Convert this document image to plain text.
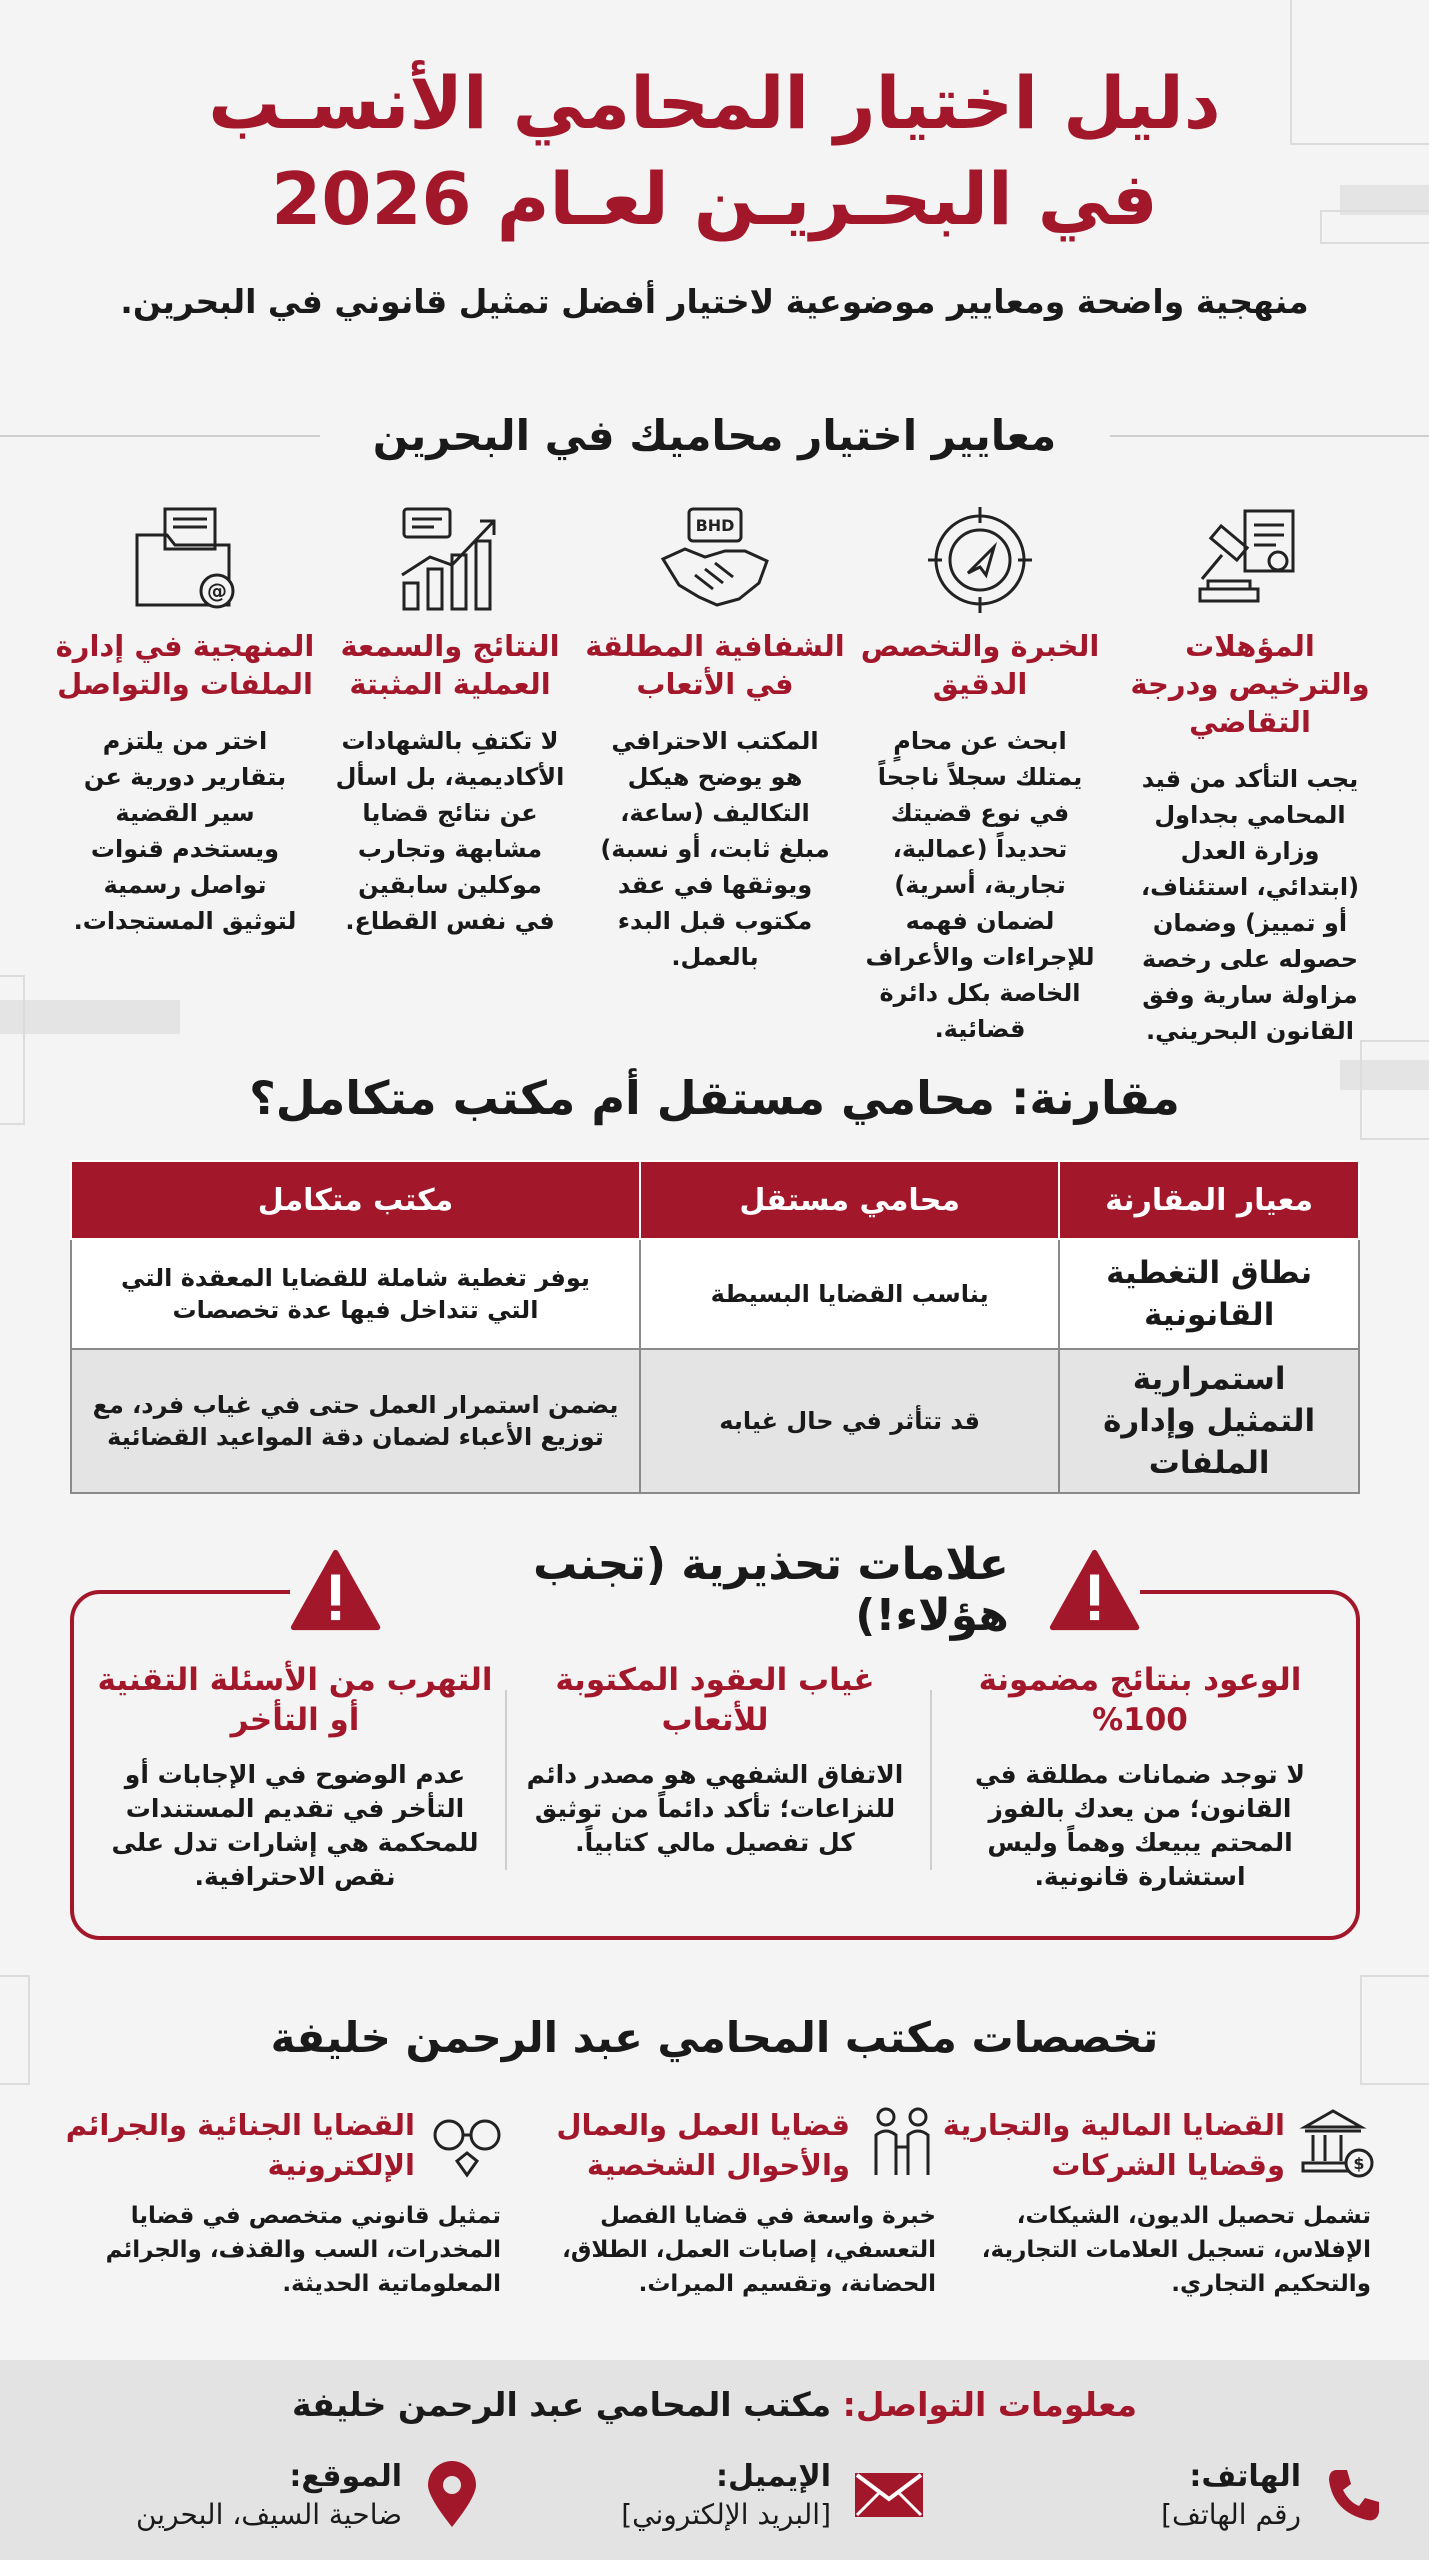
دليل اختيار المحامي الأنسـب
في البحـريـن لعـام 2026
منهجية واضحة ومعايير موضوعية لاختيار أفضل تمثيل قانوني في البحرين.
معايير اختيار محاميك في البحرين
المؤهلات والترخيص ودرجة التقاضي

يجب التأكد من قيد المحامي بجداول وزارة العدل (ابتدائي، استئناف، أو تمييز) وضمان حصوله على رخصة مزاولة سارية وفق القانون البحريني.

الخبرة والتخصص الدقيق

ابحث عن محامٍ يمتلك سجلاً ناجحاً في نوع قضيتك تحديداً (عمالية، تجارية، أسرية) لضمان فهمه للإجراءات والأعراف الخاصة بكل دائرة قضائية.

BHD
الشفافية المطلقة في الأتعاب

المكتب الاحترافي هو يوضح هيكل التكاليف (ساعة، مبلغ ثابت، أو نسبة) ويوثقها في عقد مكتوب قبل البدء بالعمل.

النتائج والسمعة العملية المثبتة

لا تكتفِ بالشهادات الأكاديمية، بل اسأل عن نتائج قضايا مشابهة وتجارب موكلين سابقين في نفس القطاع.

@
المنهجية في إدارة الملفات والتواصل

اختر من يلتزم بتقارير دورية عن سير القضية ويستخدم قنوات تواصل رسمية لتوثيق المستجدات.

مقارنة: محامي مستقل أم مكتب متكامل؟
معيار المقارنة	محامي مستقل	مكتب متكامل
نطاق التغطية القانونية	يناسب القضايا البسيطة	يوفر تغطية شاملة للقضايا المعقدة التي التي تتداخل فيها عدة تخصصات
استمرارية التمثيل وإدارة الملفات	قد تتأثر في حال غيابه	يضمن استمرار العمل حتى في غياب فرد، مع توزيع الأعباء لضمان دقة المواعيد القضائية
علامات تحذيرية (تجنب هؤلاء!)
الوعود بنتائج مضمونة 100%

لا توجد ضمانات مطلقة في القانون؛ من يعدك بالفوز المحتم يبيعك وهماً وليس استشارة قانونية.

غياب العقود المكتوبة للأتعاب

الاتفاق الشفهي هو مصدر دائم للنزاعات؛ تأكد دائماً من توثيق كل تفصيل مالي كتابياً.

التهرب من الأسئلة التقنية أو التأخر

عدم الوضوح في الإجابات أو التأخر في تقديم المستندات للمحكمة هي إشارات تدل على نقص الاحترافية.

تخصصات مكتب المحامي عبد الرحمن خليفة
$
القضايا المالية والتجارية وقضايا الشركات

تشمل تحصيل الديون، الشيكات، الإفلاس، تسجيل العلامات التجارية، والتحكيم التجاري.

قضايا العمل والعمال والأحوال الشخصية

خبرة واسعة في قضايا الفصل التعسفي، إصابات العمل، الطلاق، الحضانة، وتقسيم الميراث.

القضايا الجنائية والجرائم الإلكترونية

تمثيل قانوني متخصص في قضايا المخدرات، السب والقذف، والجرائم المعلوماتية الحديثة.

معلومات التواصل: مكتب المحامي عبد الرحمن خليفة
الهاتف:
رقم الهاتف]
الإيميل:
[البريد الإلكتروني]
الموقع:
ضاحية السيف، البحرين
